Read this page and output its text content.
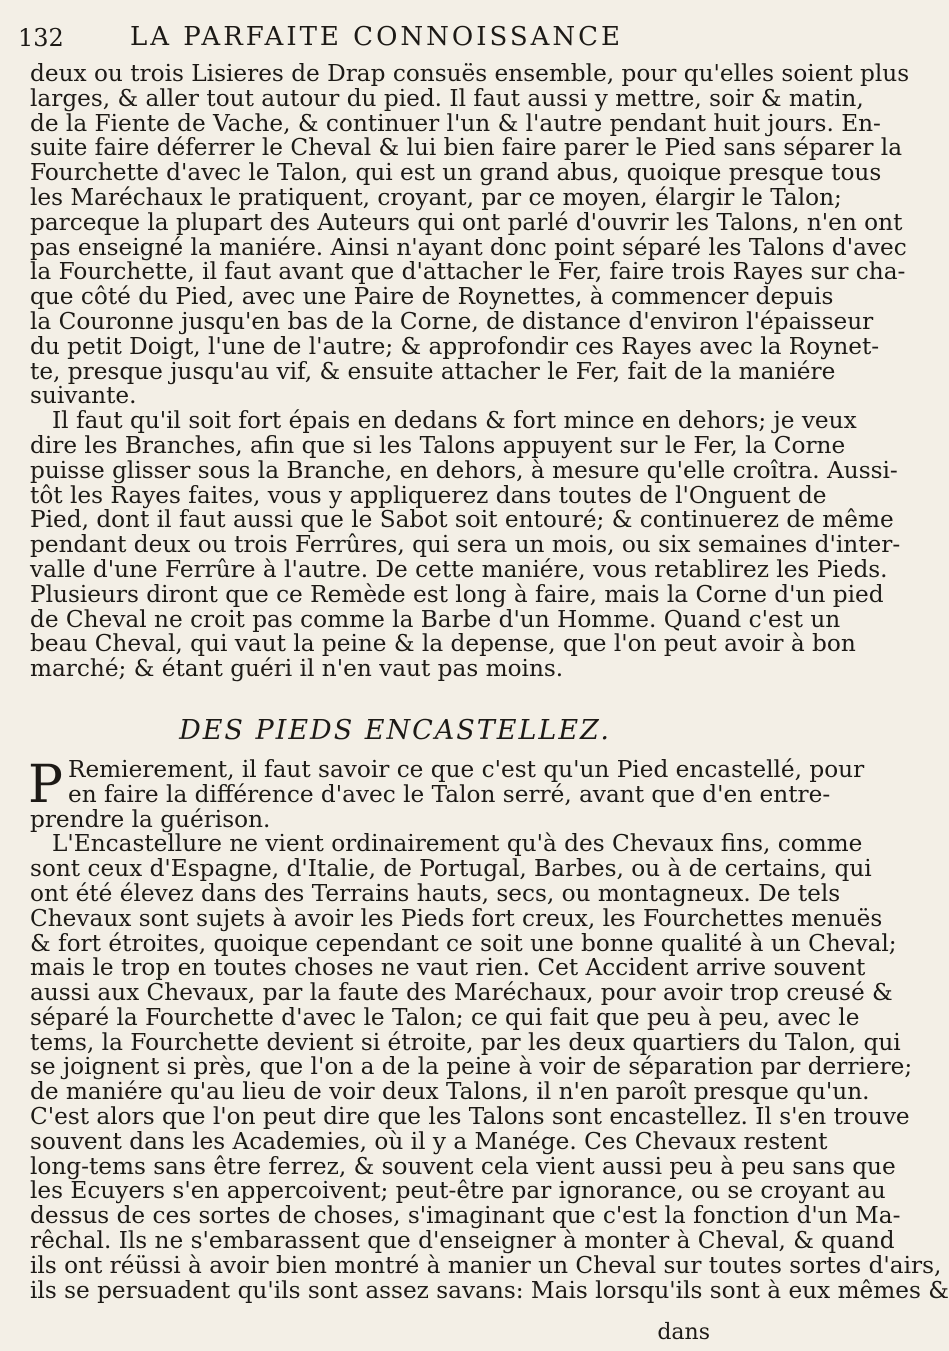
132	LA PARFAITE CONNOISSANCE
deux ou trois Lisieres de Drap consuës ensemble, pour qu'elles soient plus
larges, & aller tout autour du pied. Il faut aussi y mettre, soir & matin,
de la Fiente de Vache, & continuer l'un & l'autre pendant huit jours. En-
suite faire déferrer le Cheval & lui bien faire parer le Pied sans séparer la
Fourchette d'avec le Talon, qui est un grand abus, quoique presque tous
les Maréchaux le pratiquent, croyant, par ce moyen, élargir le Talon;
parceque la plupart des Auteurs qui ont parlé d'ouvrir les Talons, n'en ont
pas enseigné la maniére. Ainsi n'ayant donc point séparé les Talons d'avec
la Fourchette, il faut avant que d'attacher le Fer, faire trois Rayes sur cha-
que côté du Pied, avec une Paire de Roynettes, à commencer depuis
la Couronne jusqu'en bas de la Corne, de distance d'environ l'épaisseur
du petit Doigt, l'une de l'autre; & approfondir ces Rayes avec la Roynet-
te, presque jusqu'au vif, & ensuite attacher le Fer, fait de la maniére
suivante.
Il faut qu'il soit fort épais en dedans & fort mince en dehors; je veux
dire les Branches, afin que si les Talons appuyent sur le Fer, la Corne
puisse glisser sous la Branche, en dehors, à mesure qu'elle croîtra. Aussi-
tôt les Rayes faites, vous y appliquerez dans toutes de l'Onguent de
Pied, dont il faut aussi que le Sabot soit entouré; & continuerez de même
pendant deux ou trois Ferrûres, qui sera un mois, ou six semaines d'inter-
valle d'une Ferrûre à l'autre. De cette maniére, vous retablirez les Pieds.
Plusieurs diront que ce Remède est long à faire, mais la Corne d'un pied
de Cheval ne croit pas comme la Barbe d'un Homme. Quand c'est un
beau Cheval, qui vaut la peine & la depense, que l'on peut avoir à bon
marché; & étant guéri il n'en vaut pas moins.
DES PIEDS ENCASTELLEZ.
P Remierement, il faut savoir ce que c'est qu'un Pied encastellé, pour
en faire la différence d'avec le Talon serré, avant que d'en entre-
prendre la guérison.
L'Encastellure ne vient ordinairement qu'à des Chevaux fins, comme
sont ceux d'Espagne, d'Italie, de Portugal, Barbes, ou à de certains, qui
ont été élevez dans des Terrains hauts, secs, ou montagneux. De tels
Chevaux sont sujets à avoir les Pieds fort creux, les Fourchettes menuës
& fort étroites, quoique cependant ce soit une bonne qualité à un Cheval;
mais le trop en toutes choses ne vaut rien. Cet Accident arrive souvent
aussi aux Chevaux, par la faute des Maréchaux, pour avoir trop creusé &
séparé la Fourchette d'avec le Talon; ce qui fait que peu à peu, avec le
tems, la Fourchette devient si étroite, par les deux quartiers du Talon, qui
se joignent si près, que l'on a de la peine à voir de séparation par derriere;
de maniére qu'au lieu de voir deux Talons, il n'en paroît presque qu'un.
C'est alors que l'on peut dire que les Talons sont encastellez. Il s'en trouve
souvent dans les Academies, où il y a Manége. Ces Chevaux restent
long-tems sans être ferrez, & souvent cela vient aussi peu à peu sans que
les Ecuyers s'en appercoivent; peut-être par ignorance, ou se croyant au
dessus de ces sortes de choses, s'imaginant que c'est la fonction d'un Ma-
rêchal. Ils ne s'embarassent que d'enseigner à monter à Cheval, & quand
ils ont réüssi à avoir bien montré à manier un Cheval sur toutes sortes d'airs,
ils se persuadent qu'ils sont assez savans: Mais lorsqu'ils sont à eux mêmes &
dans
